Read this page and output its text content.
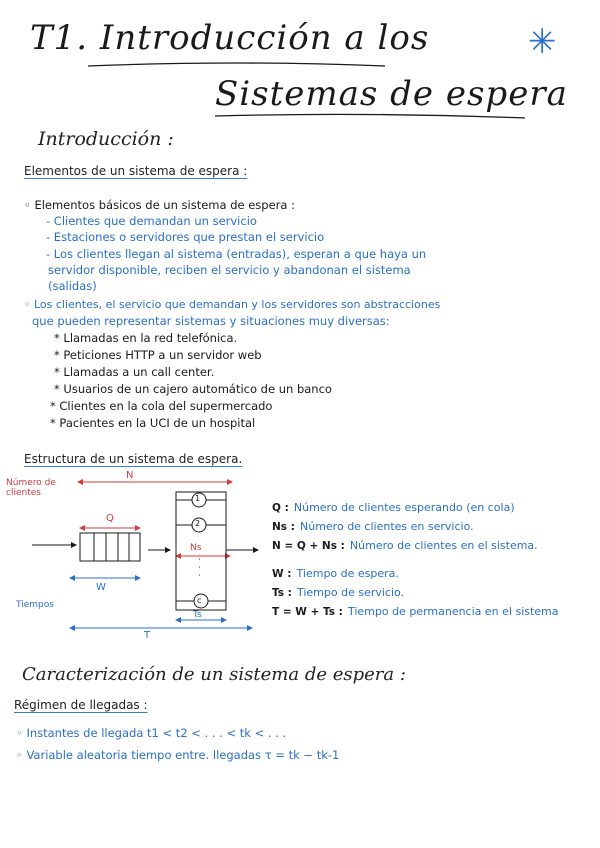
T1. Introducción a los
Sistemas de espera
✳
Introducción :
Elementos de un sistema de espera :
◦ Elementos básicos de un sistema de espera :
- Clientes que demandan un servicio
- Estaciones o servidores que prestan el servicio
- Los clientes llegan al sistema (entradas), esperan a que haya un
servidor disponible, reciben el servicio y abandonan el sistema
(salidas)
◦ Los clientes, el servicio que demandan y los servidores son abstracciones
que pueden representar sistemas y situaciones muy diversas:
* Llamadas en la red telefónica.
* Peticiones HTTP a un servidor web
* Llamadas a un call center.
* Usuarios de un cajero automático de un banco
* Clientes en la cola del supermercado
* Pacientes en la UCI de un hospital
Estructura de un sistema de espera.
Número de
clientes
N
Q
Ns
1
2
c
·
·
·
W
Ts
T
Tiempos
Q : Número de clientes esperando (en cola)
Ns : Número de clientes en servicio.
N = Q + Ns : Número de clientes en el sistema.
W : Tiempo de espera.
Ts : Tiempo de servicio.
T = W + Ts : Tiempo de permanencia en el sistema
Caracterización de un sistema de espera :
Régimen de llegadas :
◦ Instantes de llegada t1 < t2 < . . . < tk < . . .
◦ Variable aleatoria tiempo entre. llegadas τ = tk − tk-1
